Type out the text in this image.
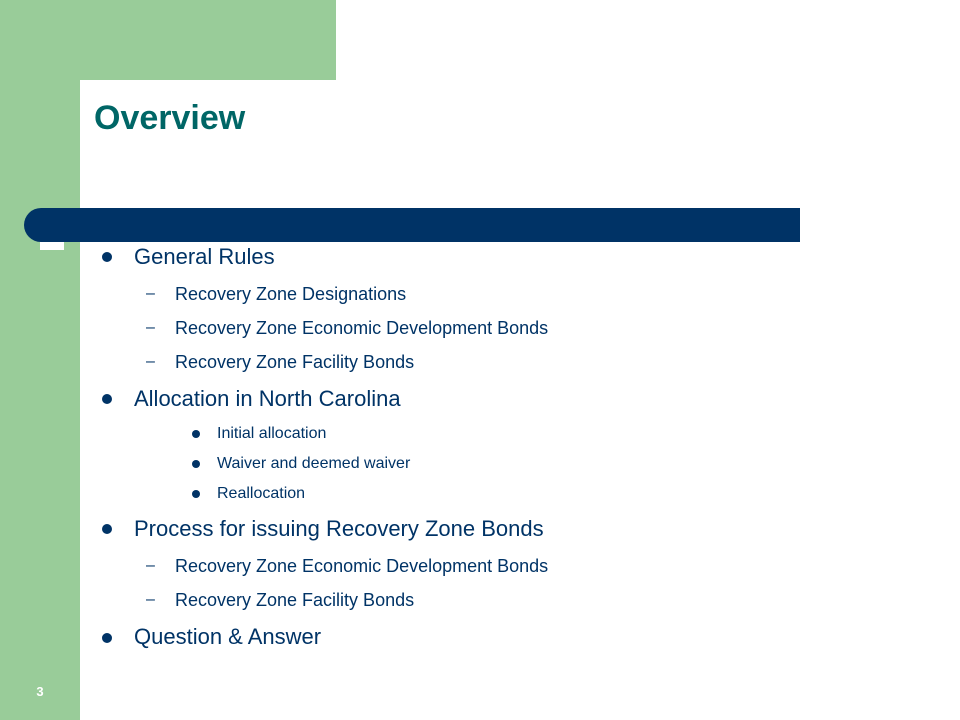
Overview
General Rules
– Recovery Zone Designations
– Recovery Zone Economic Development Bonds
– Recovery Zone Facility Bonds
Allocation in North Carolina
Initial allocation
Waiver and deemed waiver
Reallocation
Process for issuing Recovery Zone Bonds
– Recovery Zone Economic Development Bonds
– Recovery Zone Facility Bonds
Question & Answer
3
